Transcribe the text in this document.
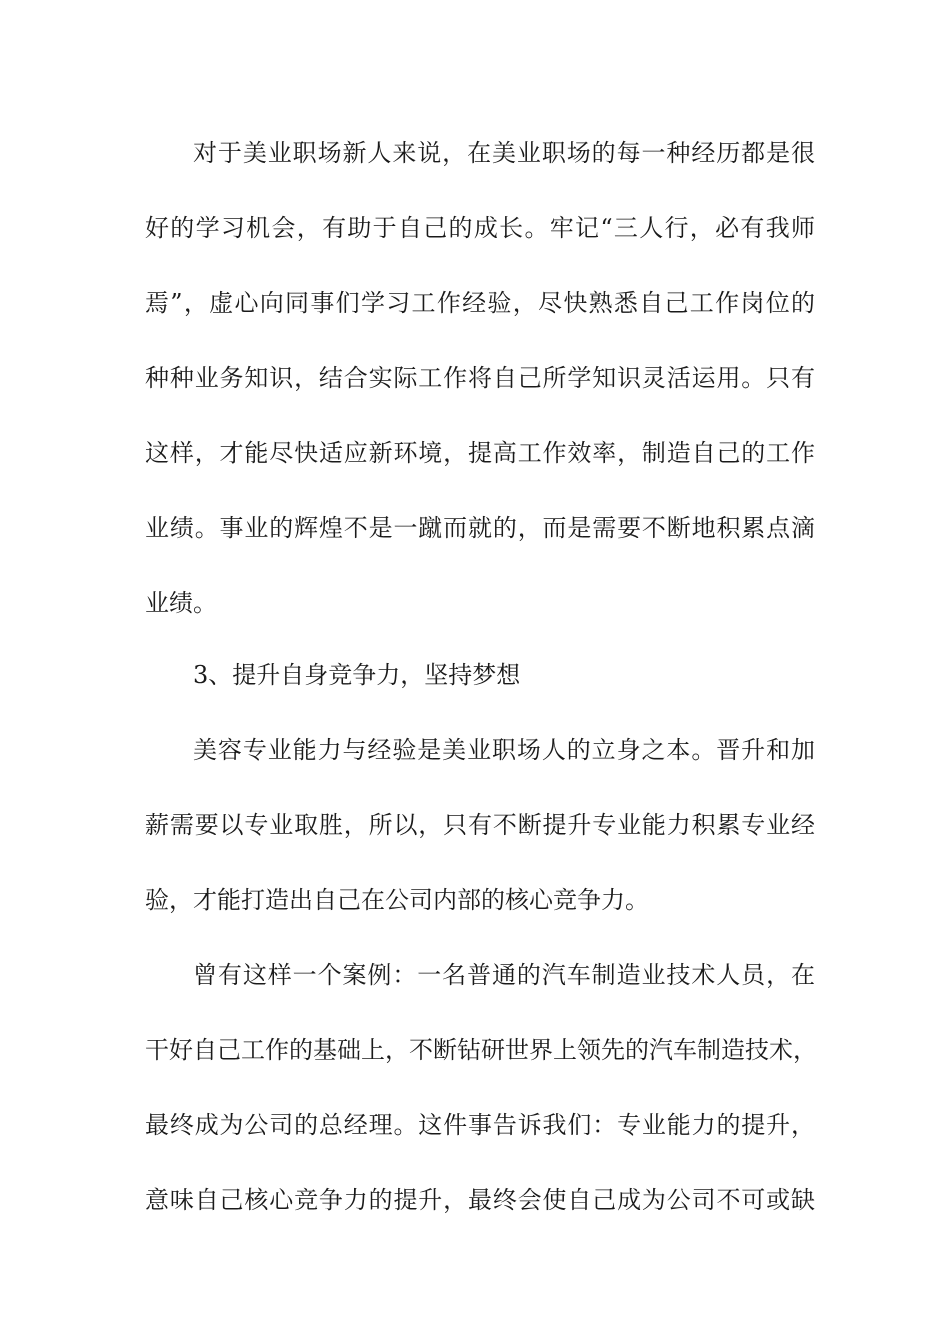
对于美业职场新人来说，在美业职场的每一种经历都是很
好的学习机会，有助于自己的成长。牢记“三人行，必有我师
焉”，虚心向同事们学习工作经验，尽快熟悉自己工作岗位的
种种业务知识，结合实际工作将自己所学知识灵活运用。只有
这样，才能尽快适应新环境，提高工作效率，制造自己的工作
业绩。事业的辉煌不是一蹴而就的，而是需要不断地积累点滴
业绩。
3、提升自身竞争力，坚持梦想
美容专业能力与经验是美业职场人的立身之本。晋升和加
薪需要以专业取胜，所以，只有不断提升专业能力积累专业经
验，才能打造出自己在公司内部的核心竞争力。
曾有这样一个案例：一名普通的汽车制造业技术人员，在
干好自己工作的基础上，不断钻研世界上领先的汽车制造技术，
最终成为公司的总经理。这件事告诉我们：专业能力的提升，
意味自己核心竞争力的提升，最终会使自己成为公司不可或缺
